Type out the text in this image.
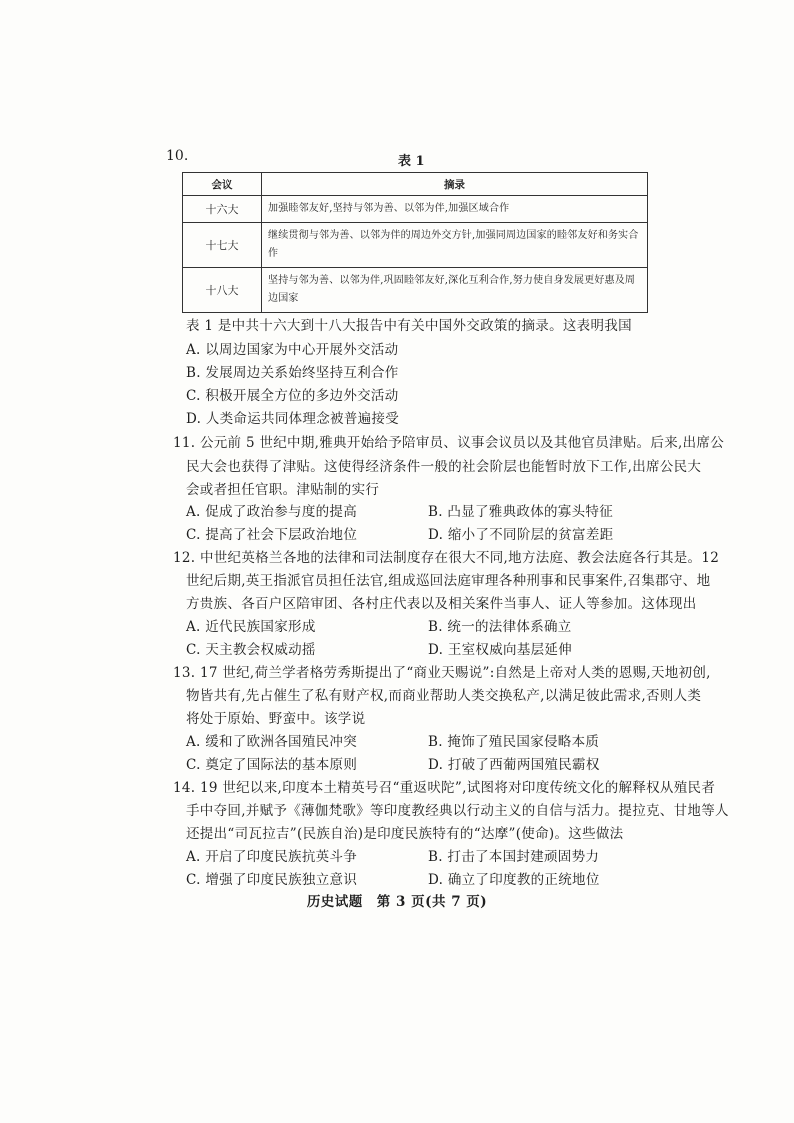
10.	表 1
会议	摘录
十六大	加强睦邻友好,坚持与邻为善、以邻为伴,加强区域合作
十七大	继续贯彻与邻为善、以邻为伴的周边外交方针,加强同周边国家的睦邻友好和务实合作
十八大	坚持与邻为善、以邻为伴,巩固睦邻友好,深化互利合作,努力使自身发展更好惠及周边国家
表 1 是中共十六大到十八大报告中有关中国外交政策的摘录。这表明我国
A. 以周边国家为中心开展外交活动
B. 发展周边关系始终坚持互利合作
C. 积极开展全方位的多边外交活动
D. 人类命运共同体理念被普遍接受
11. 公元前 5 世纪中期,雅典开始给予陪审员、议事会议员以及其他官员津贴。后来,出席公
民大会也获得了津贴。这使得经济条件一般的社会阶层也能暂时放下工作,出席公民大
会或者担任官职。津贴制的实行
A. 促成了政治参与度的提高	B. 凸显了雅典政体的寡头特征
C. 提高了社会下层政治地位	D. 缩小了不同阶层的贫富差距
12. 中世纪英格兰各地的法律和司法制度存在很大不同,地方法庭、教会法庭各行其是。12
世纪后期,英王指派官员担任法官,组成巡回法庭审理各种刑事和民事案件,召集郡守、地
方贵族、各百户区陪审团、各村庄代表以及相关案件当事人、证人等参加。这体现出
A. 近代民族国家形成	B. 统一的法律体系确立
C. 天主教会权威动摇	D. 王室权威向基层延伸
13. 17 世纪,荷兰学者格劳秀斯提出了“商业天赐说”:自然是上帝对人类的恩赐,天地初创,
物皆共有,先占催生了私有财产权,而商业帮助人类交换私产,以满足彼此需求,否则人类
将处于原始、野蛮中。该学说
A. 缓和了欧洲各国殖民冲突	B. 掩饰了殖民国家侵略本质
C. 奠定了国际法的基本原则	D. 打破了西葡两国殖民霸权
14. 19 世纪以来,印度本土精英号召“重返吠陀”,试图将对印度传统文化的解释权从殖民者
手中夺回,并赋予《薄伽梵歌》等印度教经典以行动主义的自信与活力。提拉克、甘地等人
还提出“司瓦拉吉”(民族自治)是印度民族特有的“达摩”(使命)。这些做法
A. 开启了印度民族抗英斗争	B. 打击了本国封建顽固势力
C. 增强了印度民族独立意识	D. 确立了印度教的正统地位
历史试题　第 3 页(共 7 页)
